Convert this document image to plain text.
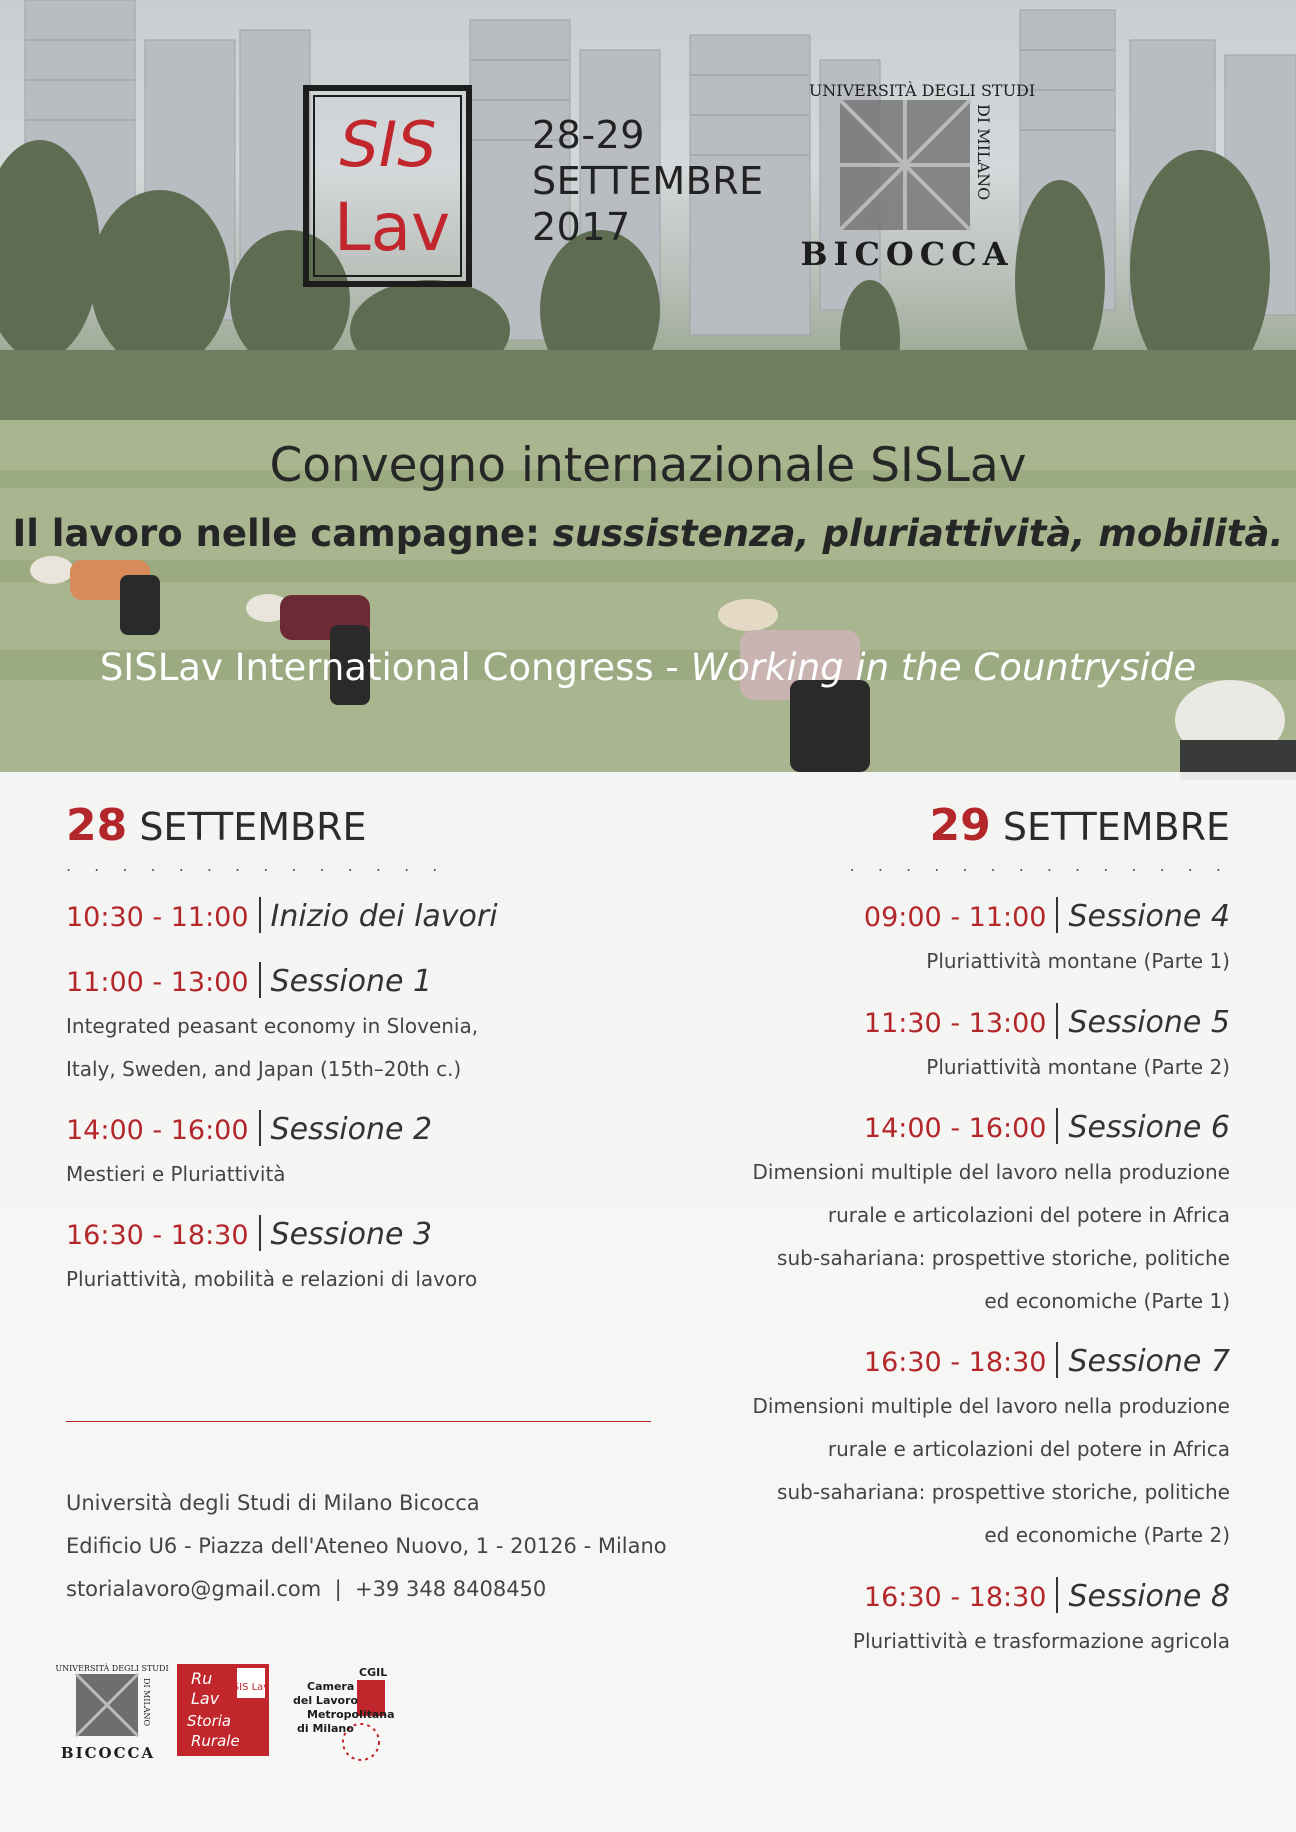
SIS
Lav
28-29
SETTEMBRE
2017
UNIVERSITÀ DEGLI STUDI
DI MILANO
BICOCCA
Convegno internazionale SISLav
Il lavoro nelle campagne: sussistenza, pluriattività, mobilità.
SISLav International Congress - Working in the Countryside
28 SETTEMBRE
. . . . . . . . . . . . . .
29 SETTEMBRE
. . . . . . . . . . . . . .
10:30 - 11:00 Inizio dei lavori
11:00 - 13:00 Sessione 1
Integrated peasant economy in Slovenia,
Italy, Sweden, and Japan (15th–20th c.)
14:00 - 16:00 Sessione 2
Mestieri e Pluriattività
16:30 - 18:30 Sessione 3
Pluriattività, mobilità e relazioni di lavoro
09:00 - 11:00 Sessione 4
Pluriattività montane (Parte 1)
11:30 - 13:00 Sessione 5
Pluriattività montane (Parte 2)
14:00 - 16:00 Sessione 6
Dimensioni multiple del lavoro nella produzione
rurale e articolazioni del potere in Africa
sub-sahariana: prospettive storiche, politiche
ed economiche (Parte 1)
16:30 - 18:30 Sessione 7
Dimensioni multiple del lavoro nella produzione
rurale e articolazioni del potere in Africa
sub-sahariana: prospettive storiche, politiche
ed economiche (Parte 2)
16:30 - 18:30 Sessione 8
Pluriattività e trasformazione agricola
Università degli Studi di Milano Bicocca
Edificio U6 - Piazza dell'Ateneo Nuovo, 1 - 20126 - Milano
storialavoro@gmail.com  |  +39 348 8408450
UNIVERSITÀ DEGLI STUDI
DI MILANO
BICOCCA
SIS Lav
Ru
Lav
Storia
Rurale
CGIL
Camera
del Lavoro
Metropolitana
di Milano
